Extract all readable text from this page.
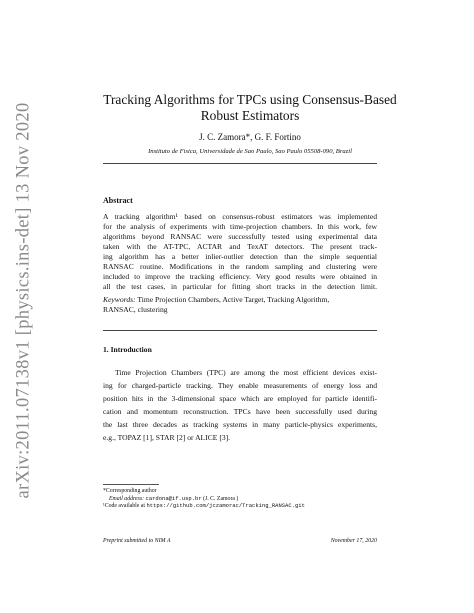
arXiv:2011.07138v1 [physics.ins-det] 13 Nov 2020
Tracking Algorithms for TPCs using Consensus-Based
Robust Estimators
J. C. Zamora*, G. F. Fortino
Instituto de Fisica, Universidade de Sao Paulo, Sao Paulo 05508-090, Brazil
Abstract
A tracking algorithm¹ based on consensus-robust estimators was implemented
for the analysis of experiments with time-projection chambers. In this work, few
algorithms beyond RANSAC were successfully tested using experimental data
taken with the AT-TPC, ACTAR and TexAT detectors. The present track-
ing algorithm has a better inlier-outlier detection than the simple sequential
RANSAC routine. Modifications in the random sampling and clustering were
included to improve the tracking efficiency. Very good results were obtained in
all the test cases, in particular for fitting short tracks in the detection limit.
Keywords: Time Projection Chambers, Active Target, Tracking Algorithm,
RANSAC, clustering
1. Introduction
Time Projection Chambers (TPC) are among the most efficient devices exist-
ing for charged-particle tracking. They enable measurements of energy loss and
position hits in the 3-dimensional space which are employed for particle identifi-
cation and momentum reconstruction. TPCs have been successfully used during
the last three decades as tracking systems in many particle-physics experiments,
e.g., TOPAZ [1], STAR [2] or ALICE [3].
*Corresponding author
Email address: cardona@if.usp.br (J. C. Zamora )
¹Code available at https://github.com/jczamorac/Tracking_RANSAC.git
Preprint submitted to NIM A	November 17, 2020
